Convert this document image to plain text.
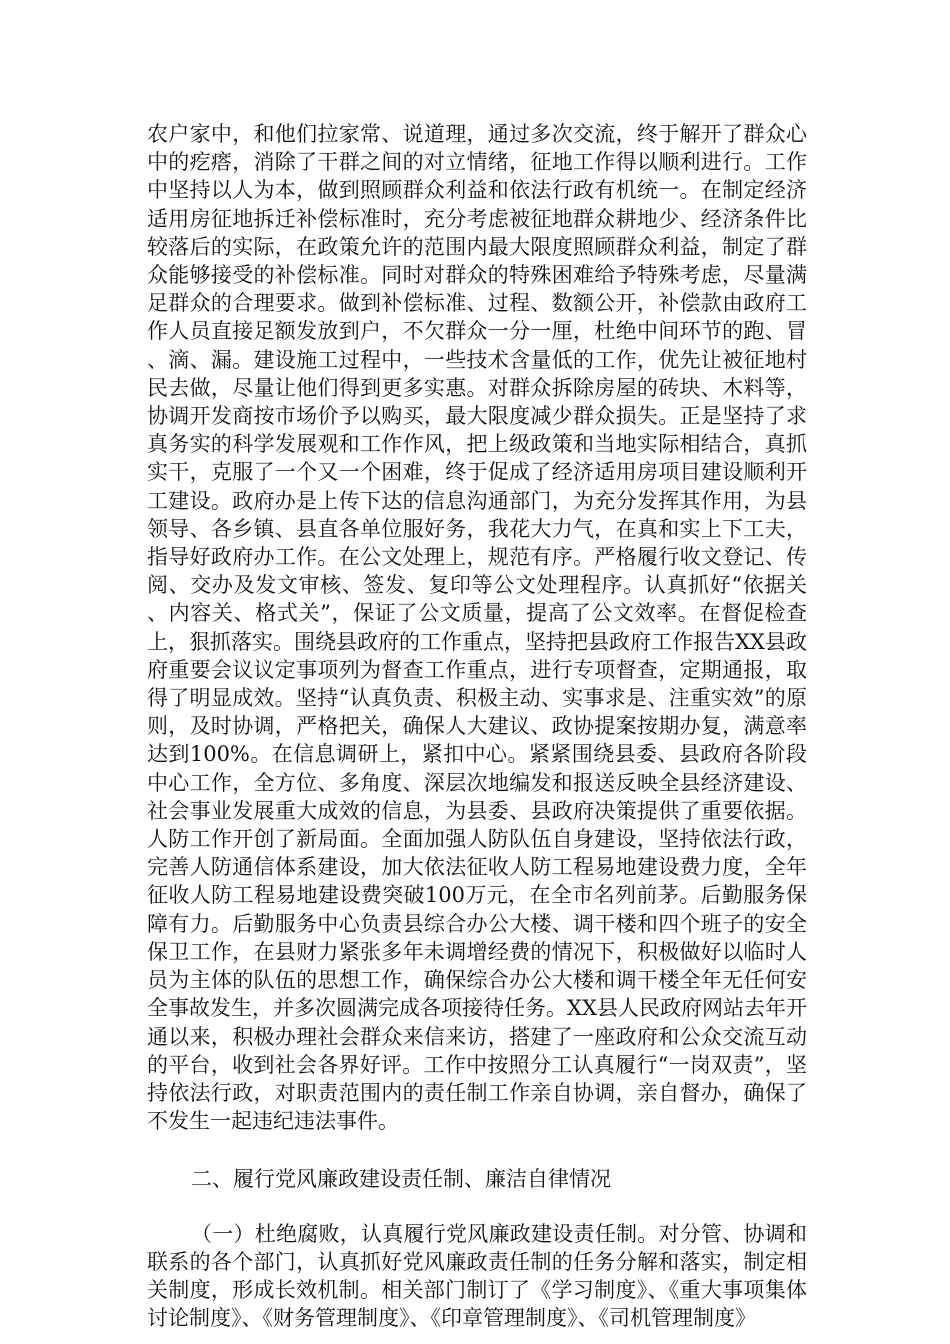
农户家中，和他们拉家常、说道理，通过多次交流，终于解开了群众心中的疙瘩，消除了干群之间的对立情绪，征地工作得以顺利进行。工作中坚持以人为本，做到照顾群众利益和依法行政有机统一。在制定经济适用房征地拆迁补偿标准时，充分考虑被征地群众耕地少、经济条件比较落后的实际，在政策允许的范围内最大限度照顾群众利益，制定了群众能够接受的补偿标准。同时对群众的特殊困难给予特殊考虑，尽量满足群众的合理要求。做到补偿标准、过程、数额公开，补偿款由政府工作人员直接足额发放到户，不欠群众一分一厘，杜绝中间环节的跑、冒、滴、漏。建设施工过程中，一些技术含量低的工作，优先让被征地村民去做，尽量让他们得到更多实惠。对群众拆除房屋的砖块、木料等，协调开发商按市场价予以购买，最大限度减少群众损失。正是坚持了求真务实的科学发展观和工作作风，把上级政策和当地实际相结合，真抓实干，克服了一个又一个困难，终于促成了经济适用房项目建设顺利开工建设。政府办是上传下达的信息沟通部门，为充分发挥其作用，为县领导、各乡镇、县直各单位服好务，我花大力气，在真和实上下工夫，指导好政府办工作。在公文处理上，规范有序。严格履行收文登记、传阅、交办及发文审核、签发、复印等公文处理程序。认真抓好“依据关、内容关、格式关”，保证了公文质量，提高了公文效率。在督促检查上，狠抓落实。围绕县政府的工作重点，坚持把县政府工作报告XX县政府重要会议议定事项列为督查工作重点，进行专项督查，定期通报，取得了明显成效。坚持“认真负责、积极主动、实事求是、注重实效”的原则，及时协调，严格把关，确保人大建议、政协提案按期办复，满意率达到100%。在信息调研上，紧扣中心。紧紧围绕县委、县政府各阶段中心工作，全方位、多角度、深层次地编发和报送反映全县经济建设、社会事业发展重大成效的信息，为县委、县政府决策提供了重要依据。人防工作开创了新局面。全面加强人防队伍自身建设，坚持依法行政，完善人防通信体系建设，加大依法征收人防工程易地建设费力度，全年征收人防工程易地建设费突破100万元，在全市名列前茅。后勤服务保障有力。后勤服务中心负责县综合办公大楼、调干楼和四个班子的安全保卫工作，在县财力紧张多年未调增经费的情况下，积极做好以临时人员为主体的队伍的思想工作，确保综合办公大楼和调干楼全年无任何安全事故发生，并多次圆满完成各项接待任务。XX县人民政府网站去年开通以来，积极办理社会群众来信来访，搭建了一座政府和公众交流互动的平台，收到社会各界好评。工作中按照分工认真履行“一岗双责”，坚持依法行政，对职责范围内的责任制工作亲自协调，亲自督办，确保了不发生一起违纪违法事件。

二、履行党风廉政建设责任制、廉洁自律情况

（一）杜绝腐败，认真履行党风廉政建设责任制。对分管、协调和联系的各个部门，认真抓好党风廉政责任制的任务分解和落实，制定相关制度，形成长效机制。相关部门制订了《学习制度》、《重大事项集体讨论制度》、《财务管理制度》、《印章管理制度》、《司机管理制度》
